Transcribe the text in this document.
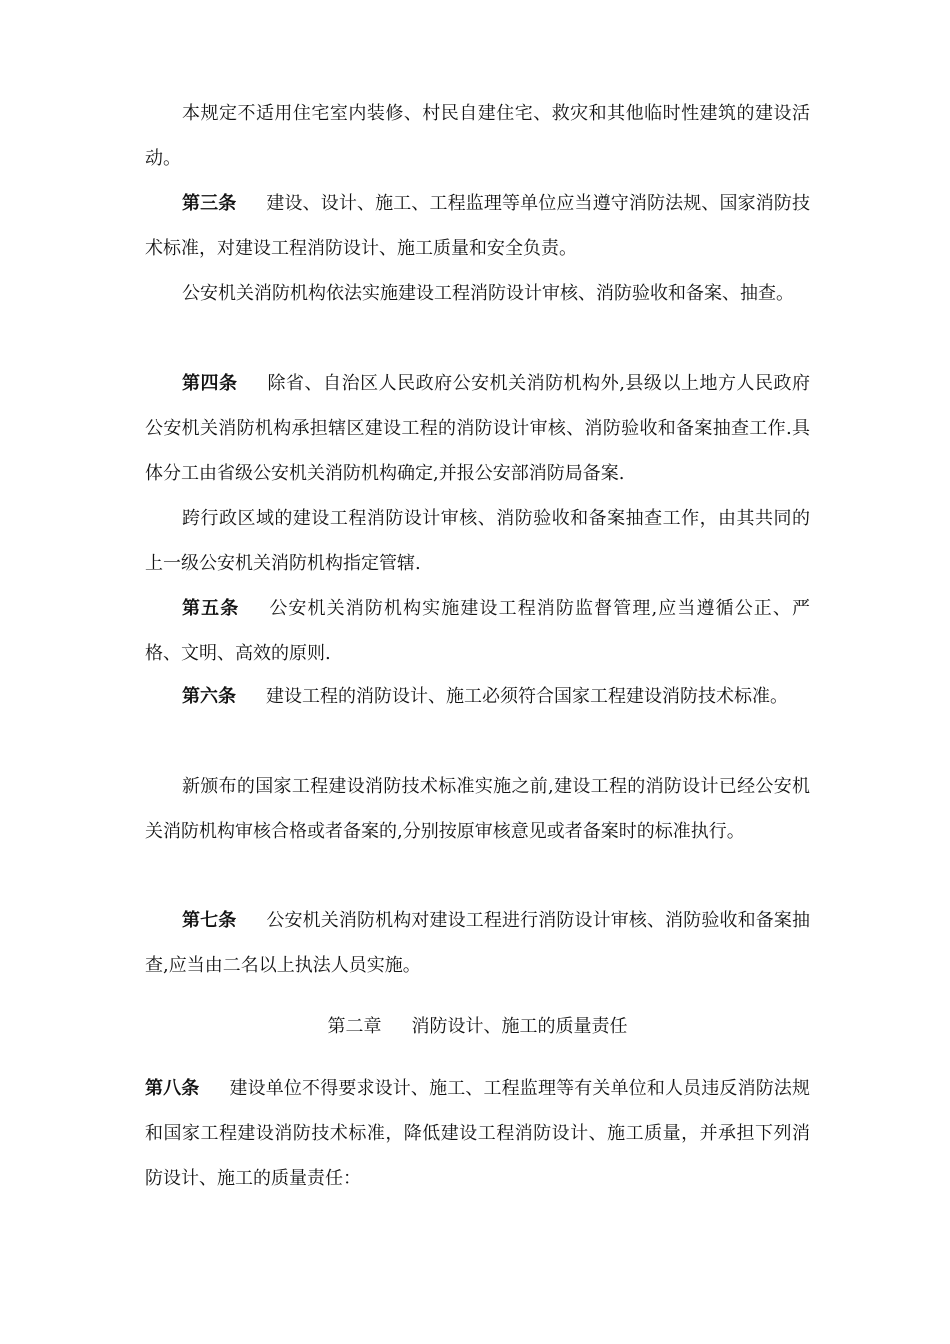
本规定不适用住宅室内装修、村民自建住宅、救灾和其他临时性建筑的建设活动。

第三条 建设、设计、施工、工程监理等单位应当遵守消防法规、国家消防技术标准，对建设工程消防设计、施工质量和安全负责。

公安机关消防机构依法实施建设工程消防设计审核、消防验收和备案、抽查。

第四条 除省、自治区人民政府公安机关消防机构外,县级以上地方人民政府公安机关消防机构承担辖区建设工程的消防设计审核、消防验收和备案抽查工作.具体分工由省级公安机关消防机构确定,并报公安部消防局备案.

跨行政区域的建设工程消防设计审核、消防验收和备案抽查工作，由其共同的上一级公安机关消防机构指定管辖.

第五条 公安机关消防机构实施建设工程消防监督管理,应当遵循公正、严格、文明、高效的原则.

第六条 建设工程的消防设计、施工必须符合国家工程建设消防技术标准。

新颁布的国家工程建设消防技术标准实施之前,建设工程的消防设计已经公安机关消防机构审核合格或者备案的,分别按原审核意见或者备案时的标准执行。

第七条 公安机关消防机构对建设工程进行消防设计审核、消防验收和备案抽查,应当由二名以上执法人员实施。

第二章 消防设计、施工的质量责任

第八条 建设单位不得要求设计、施工、工程监理等有关单位和人员违反消防法规和国家工程建设消防技术标准，降低建设工程消防设计、施工质量，并承担下列消防设计、施工的质量责任：
